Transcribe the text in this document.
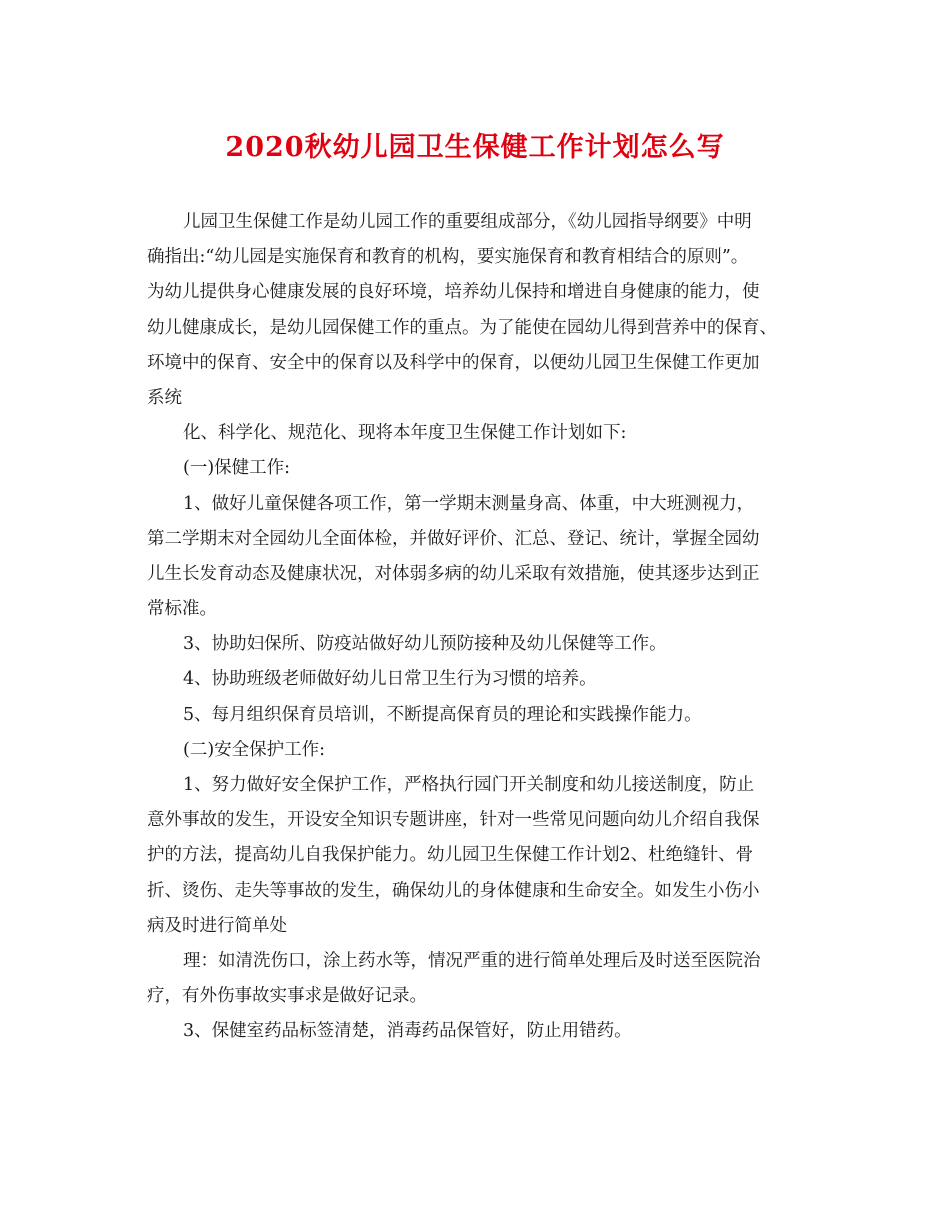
2020秋幼儿园卫生保健工作计划怎么写
儿园卫生保健工作是幼儿园工作的重要组成部分，《幼儿园指导纲要》中明
确指出:“幼儿园是实施保育和教育的机构，要实施保育和教育相结合的原则”。
为幼儿提供身心健康发展的良好环境，培养幼儿保持和增进自身健康的能力，使
幼儿健康成长，是幼儿园保健工作的重点。为了能使在园幼儿得到营养中的保育、
环境中的保育、安全中的保育以及科学中的保育，以便幼儿园卫生保健工作更加
系统
化、科学化、规范化、现将本年度卫生保健工作计划如下:
(一)保健工作:
1、做好儿童保健各项工作，第一学期末测量身高、体重，中大班测视力，
第二学期末对全园幼儿全面体检，并做好评价、汇总、登记、统计，掌握全园幼
儿生长发育动态及健康状况，对体弱多病的幼儿采取有效措施，使其逐步达到正
常标准。
3、协助妇保所、防疫站做好幼儿预防接种及幼儿保健等工作。
4、协助班级老师做好幼儿日常卫生行为习惯的培养。
5、每月组织保育员培训，不断提高保育员的理论和实践操作能力。
(二)安全保护工作:
1、努力做好安全保护工作，严格执行园门开关制度和幼儿接送制度，防止
意外事故的发生，开设安全知识专题讲座，针对一些常见问题向幼儿介绍自我保
护的方法，提高幼儿自我保护能力。幼儿园卫生保健工作计划2、杜绝缝针、骨
折、烫伤、走失等事故的发生，确保幼儿的身体健康和生命安全。如发生小伤小
病及时进行简单处
理：如清洗伤口，涂上药水等，情况严重的进行简单处理后及时送至医院治
疗，有外伤事故实事求是做好记录。
3、保健室药品标签清楚，消毒药品保管好，防止用错药。
